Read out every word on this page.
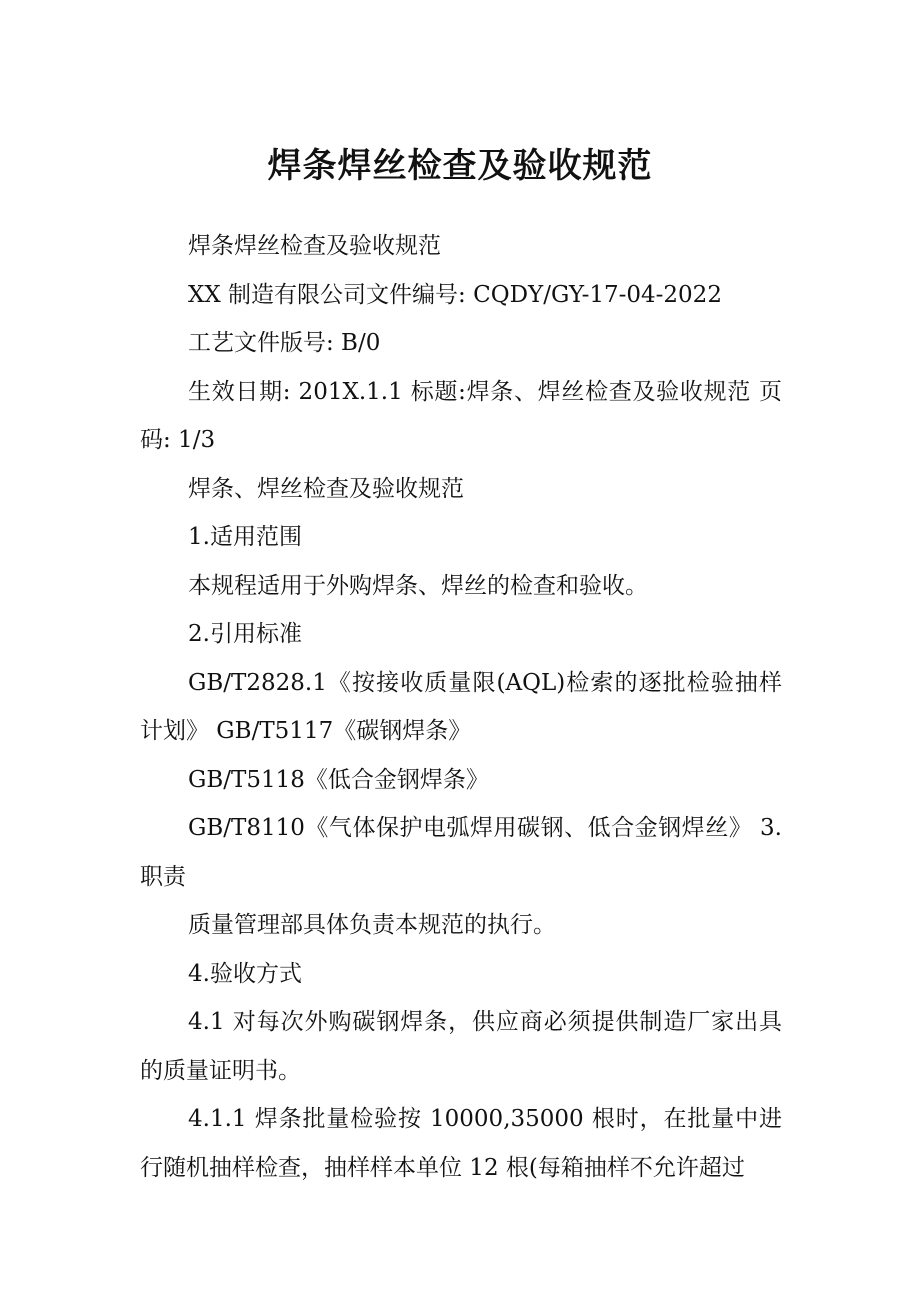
焊条焊丝检查及验收规范

焊条焊丝检查及验收规范

XX 制造有限公司文件编号: CQDY/GY-17-04-2022

工艺文件版号: B/0

生效日期: 201X.1.1 标题:焊条、焊丝检查及验收规范 页码: 1/3

焊条、焊丝检查及验收规范

1.适用范围

本规程适用于外购焊条、焊丝的检查和验收。

2.引用标准

GB/T2828.1《按接收质量限(AQL)检索的逐批检验抽样计划》 GB/T5117《碳钢焊条》

GB/T5118《低合金钢焊条》

GB/T8110《气体保护电弧焊用碳钢、低合金钢焊丝》 3.职责

质量管理部具体负责本规范的执行。

4.验收方式

4.1 对每次外购碳钢焊条，供应商必须提供制造厂家出具的质量证明书。

4.1.1 焊条批量检验按 10000,35000 根时，在批量中进行随机抽样检查，抽样样本单位 12 根(每箱抽样不允许超过
